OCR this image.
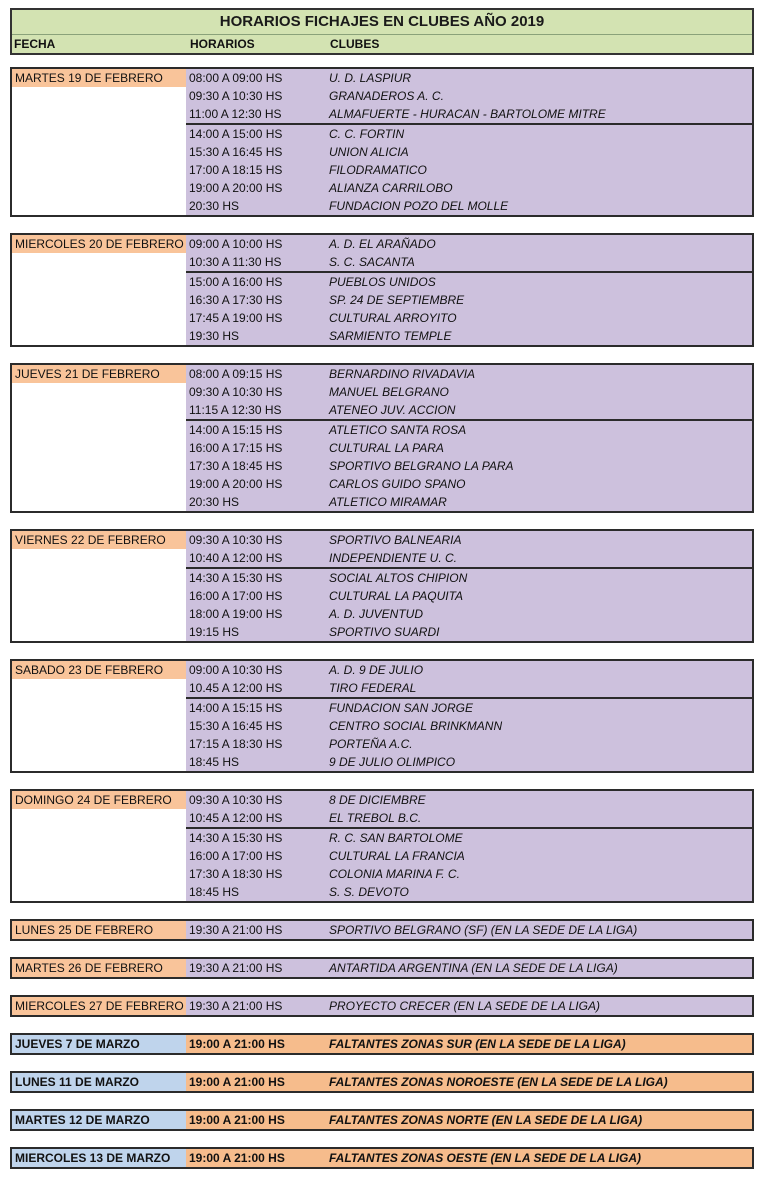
HORARIOS FICHAJES EN CLUBES AÑO 2019
FECHA	HORARIOS	CLUBES
MARTES 19 DE FEBRERO	08:00 A 09:00 HS	U. D. LASPIUR
09:30 A 10:30 HS	GRANADEROS A. C.
11:00 A 12:30 HS	ALMAFUERTE - HURACAN - BARTOLOME MITRE
14:00 A 15:00 HS	C. C. FORTIN
15:30 A 16:45 HS	UNION ALICIA
17:00 A 18:15 HS	FILODRAMATICO
19:00 A 20:00 HS	ALIANZA CARRILOBO
20:30 HS	FUNDACION POZO DEL MOLLE
MIERCOLES 20 DE FEBRERO 09:00 A 10:00 HS	A. D. EL ARAÑADO
10:30 A 11:30 HS	S. C. SACANTA
15:00 A 16:00 HS	PUEBLOS UNIDOS
16:30 A 17:30 HS	SP. 24 DE SEPTIEMBRE
17:45 A 19:00 HS	CULTURAL ARROYITO
19:30 HS	SARMIENTO TEMPLE
JUEVES 21 DE FEBRERO	08:00 A 09:15 HS	BERNARDINO RIVADAVIA
09:30 A 10:30 HS	MANUEL BELGRANO
11:15 A 12:30 HS	ATENEO JUV. ACCION
14:00 A 15:15 HS	ATLETICO SANTA ROSA
16:00 A 17:15 HS	CULTURAL LA PARA
17:30 A 18:45 HS	SPORTIVO BELGRANO LA PARA
19:00 A 20:00 HS	CARLOS GUIDO SPANO
20:30 HS	ATLETICO MIRAMAR
VIERNES 22 DE FEBRERO	09:30 A 10:30 HS	SPORTIVO BALNEARIA
10:40 A 12:00 HS	INDEPENDIENTE U. C.
14:30 A 15:30 HS	SOCIAL ALTOS CHIPION
16:00 A 17:00 HS	CULTURAL LA PAQUITA
18:00 A 19:00 HS	A. D. JUVENTUD
19:15 HS	SPORTIVO SUARDI
SABADO 23 DE FEBRERO	09:00 A 10:30 HS	A. D. 9 DE JULIO
10.45 A 12:00 HS	TIRO FEDERAL
14:00 A 15:15 HS	FUNDACION SAN JORGE
15:30 A 16:45 HS	CENTRO SOCIAL BRINKMANN
17:15 A 18:30 HS	PORTEÑA A.C.
18:45 HS	9 DE JULIO OLIMPICO
DOMINGO 24 DE FEBRERO	09:30 A 10:30 HS	8 DE DICIEMBRE
10:45 A 12:00 HS	EL TREBOL B.C.
14:30 A 15:30 HS	R. C. SAN BARTOLOME
16:00 A 17:00 HS	CULTURAL LA FRANCIA
17:30 A 18:30 HS	COLONIA MARINA F. C.
18:45 HS	S. S. DEVOTO
LUNES 25 DE FEBRERO	19:30 A 21:00 HS	SPORTIVO BELGRANO (SF) (EN LA SEDE DE LA LIGA)
MARTES 26 DE FEBRERO	19:30 A 21:00 HS	ANTARTIDA ARGENTINA (EN LA SEDE DE LA LIGA)
MIERCOLES 27 DE FEBRERO 19:30 A 21:00 HS	PROYECTO CRECER (EN LA SEDE DE LA LIGA)
JUEVES 7 DE MARZO	19:00 A 21:00 HS	FALTANTES ZONAS SUR (EN LA SEDE DE LA LIGA)
LUNES 11 DE MARZO	19:00 A 21:00 HS	FALTANTES ZONAS NOROESTE (EN LA SEDE DE LA LIGA)
MARTES 12 DE MARZO	19:00 A 21:00 HS	FALTANTES ZONAS NORTE (EN LA SEDE DE LA LIGA)
MIERCOLES 13 DE MARZO	19:00 A 21:00 HS	FALTANTES ZONAS OESTE (EN LA SEDE DE LA LIGA)
